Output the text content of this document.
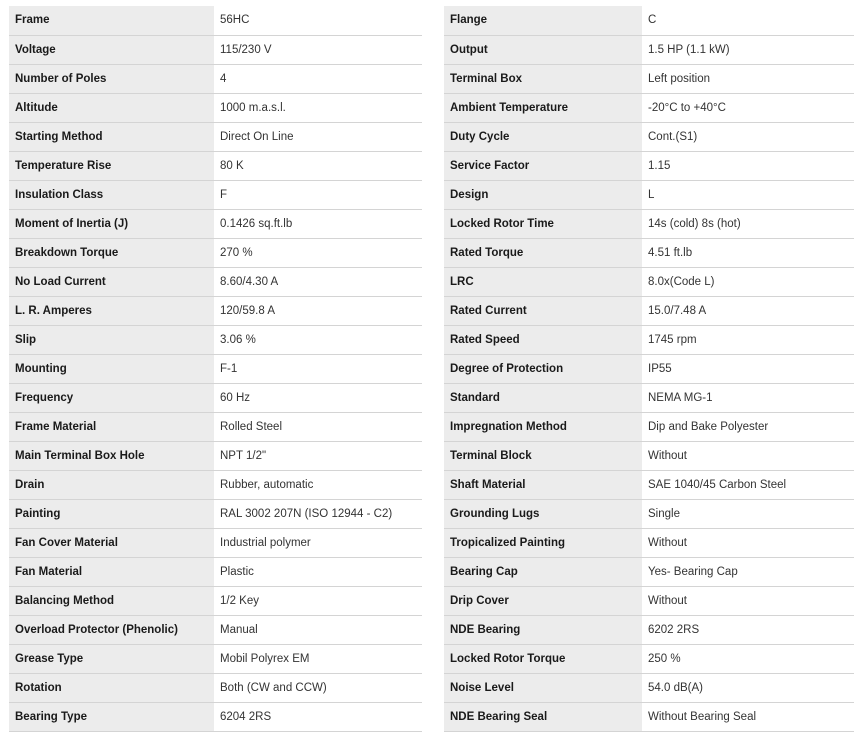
Frame	56HC
Voltage	115/230 V
Number of Poles	4
Altitude	1000 m.a.s.l.
Starting Method	Direct On Line
Temperature Rise	80 K
Insulation Class	F
Moment of Inertia (J)	0.1426 sq.ft.lb
Breakdown Torque	270 %
No Load Current	8.60/4.30 A
L. R. Amperes	120/59.8 A
Slip	3.06 %
Mounting	F-1
Frequency	60 Hz
Frame Material	Rolled Steel
Main Terminal Box Hole	NPT 1/2"
Drain	Rubber, automatic
Painting	RAL 3002 207N (ISO 12944 - C2)
Fan Cover Material	Industrial polymer
Fan Material	Plastic
Balancing Method	1/2 Key
Overload Protector (Phenolic)	Manual
Grease Type	Mobil Polyrex EM
Rotation	Both (CW and CCW)
Bearing Type	6204 2RS
Flange	C
Output	1.5 HP (1.1 kW)
Terminal Box	Left position
Ambient Temperature	-20°C to +40°C
Duty Cycle	Cont.(S1)
Service Factor	1.15
Design	L
Locked Rotor Time	14s (cold) 8s (hot)
Rated Torque	4.51 ft.lb
LRC	8.0x(Code L)
Rated Current	15.0/7.48 A
Rated Speed	1745 rpm
Degree of Protection	IP55
Standard	NEMA MG-1
Impregnation Method	Dip and Bake Polyester
Terminal Block	Without
Shaft Material	SAE 1040/45 Carbon Steel
Grounding Lugs	Single
Tropicalized Painting	Without
Bearing Cap	Yes- Bearing Cap
Drip Cover	Without
NDE Bearing	6202 2RS
Locked Rotor Torque	250 %
Noise Level	54.0 dB(A)
NDE Bearing Seal	Without Bearing Seal
